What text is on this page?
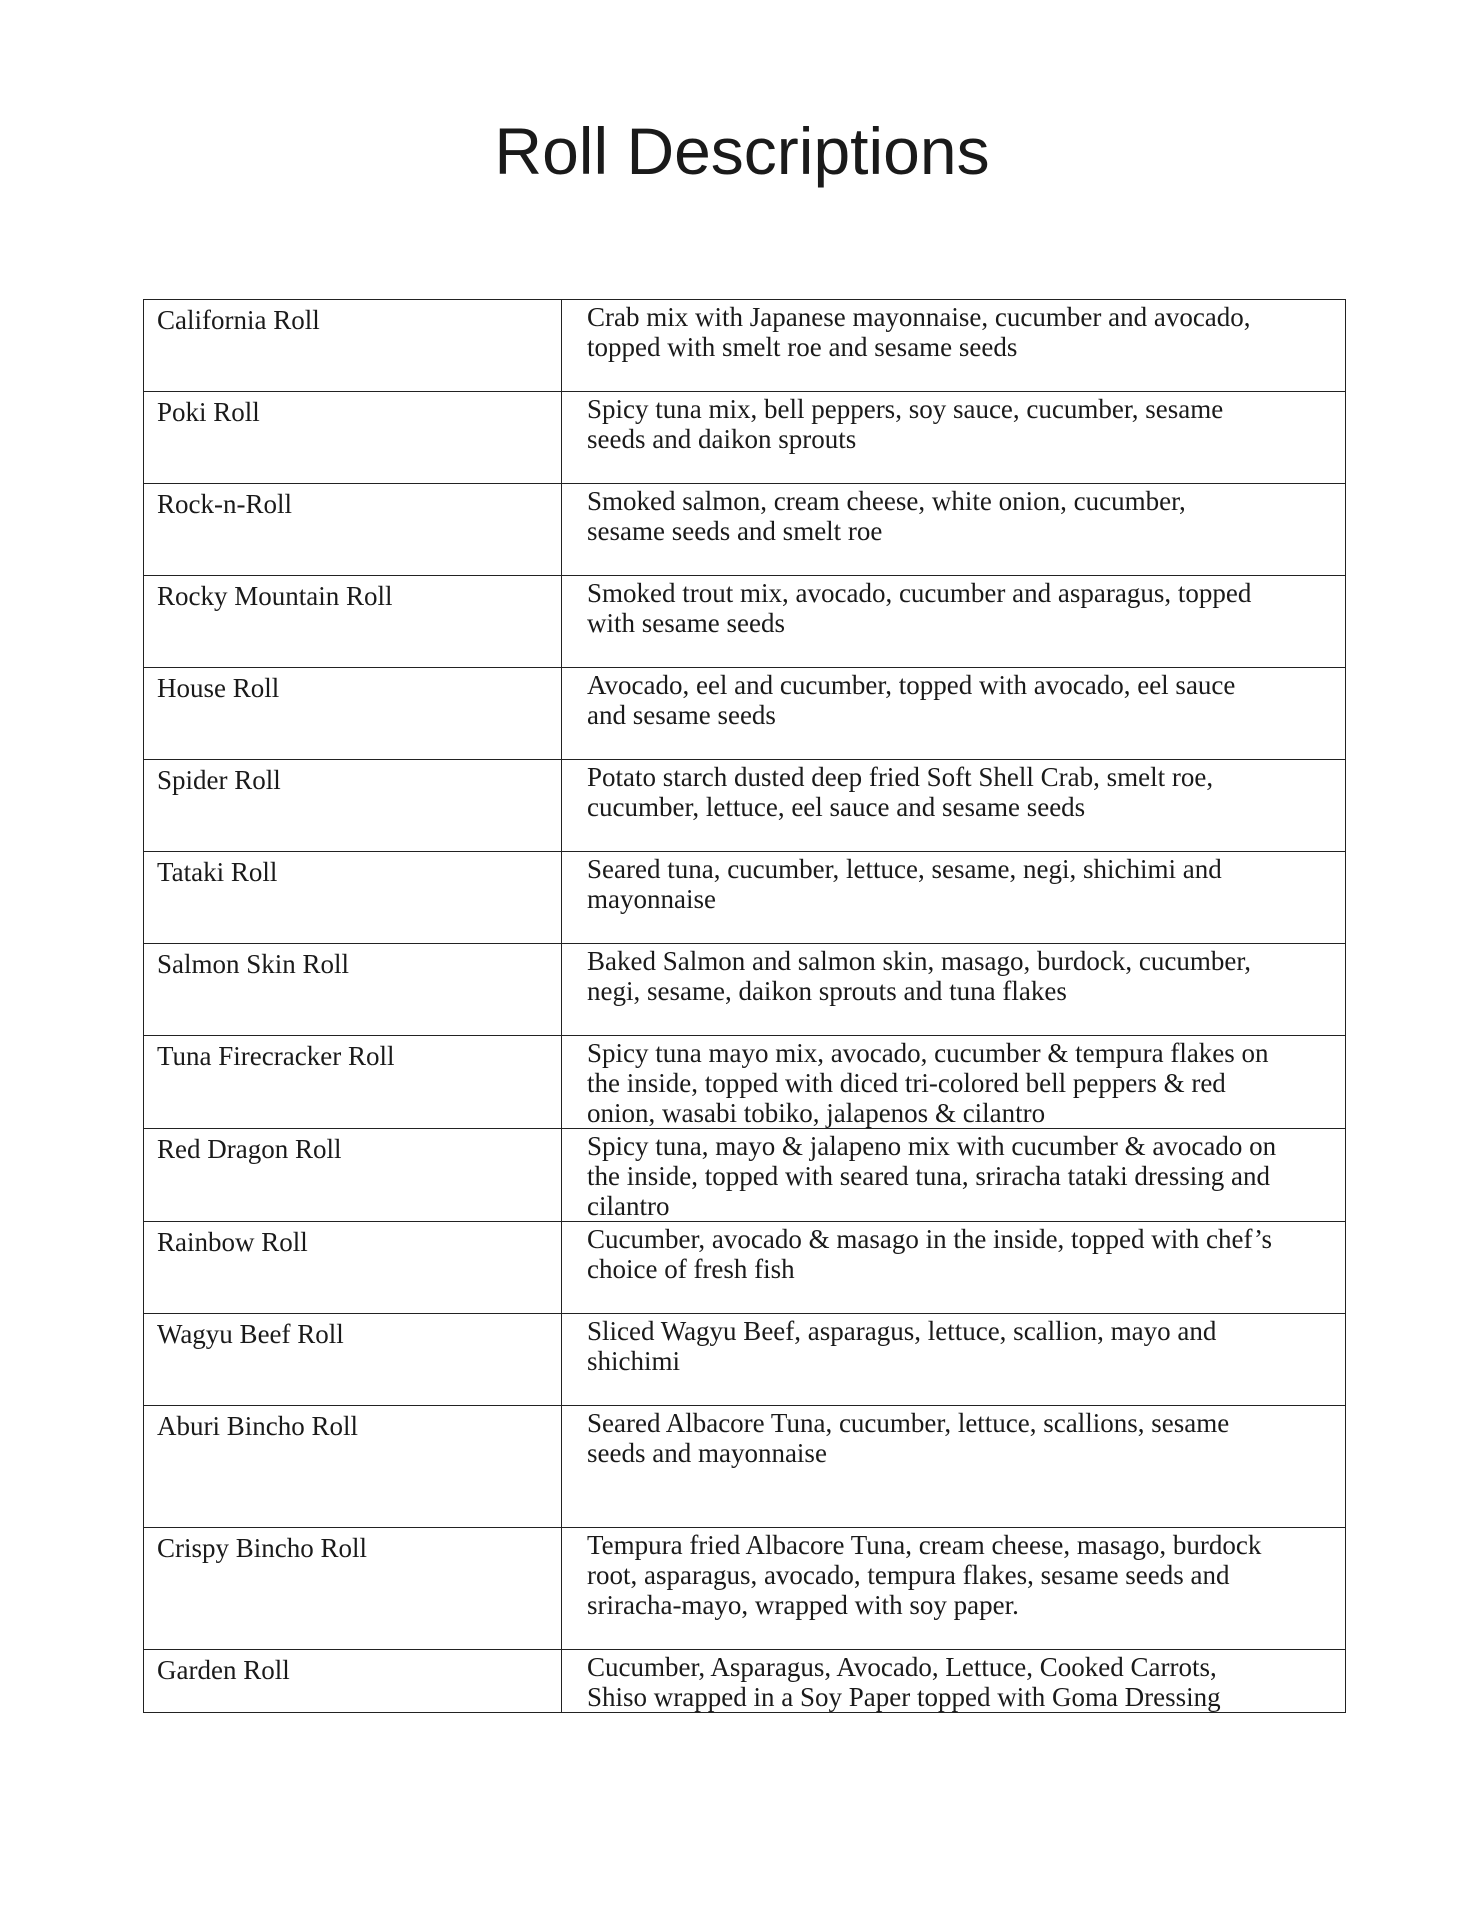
Roll Descriptions
California Roll	Crab mix with Japanese mayonnaise, cucumber and avocado,
topped with smelt roe and sesame seeds

Poki Roll	Spicy tuna mix, bell peppers, soy sauce, cucumber, sesame
seeds and daikon sprouts

Rock-n-Roll	Smoked salmon, cream cheese, white onion, cucumber,
sesame seeds and smelt roe

Rocky Mountain Roll	Smoked trout mix, avocado, cucumber and asparagus, topped
with sesame seeds

House Roll	Avocado, eel and cucumber, topped with avocado, eel sauce
and sesame seeds

Spider Roll	Potato starch dusted deep fried Soft Shell Crab, smelt roe,
cucumber, lettuce, eel sauce and sesame seeds

Tataki Roll	Seared tuna, cucumber, lettuce, sesame, negi, shichimi and
mayonnaise

Salmon Skin Roll	Baked Salmon and salmon skin, masago, burdock, cucumber,
negi, sesame, daikon sprouts and tuna flakes

Tuna Firecracker Roll	Spicy tuna mayo mix, avocado, cucumber & tempura flakes on
the inside, topped with diced tri-colored bell peppers & red
onion, wasabi tobiko, jalapenos & cilantro

Red Dragon Roll	Spicy tuna, mayo & jalapeno mix with cucumber & avocado on
the inside, topped with seared tuna, sriracha tataki dressing and
cilantro

Rainbow Roll	Cucumber, avocado & masago in the inside, topped with chef’s
choice of fresh fish

Wagyu Beef Roll	Sliced Wagyu Beef, asparagus, lettuce, scallion, mayo and
shichimi

Aburi Bincho Roll	Seared Albacore Tuna, cucumber, lettuce, scallions, sesame
seeds and mayonnaise

Crispy Bincho Roll	Tempura fried Albacore Tuna, cream cheese, masago, burdock
root, asparagus, avocado, tempura flakes, sesame seeds and
sriracha-mayo, wrapped with soy paper.

Garden Roll	Cucumber, Asparagus, Avocado, Lettuce, Cooked Carrots,
Shiso wrapped in a Soy Paper topped with Goma Dressing
